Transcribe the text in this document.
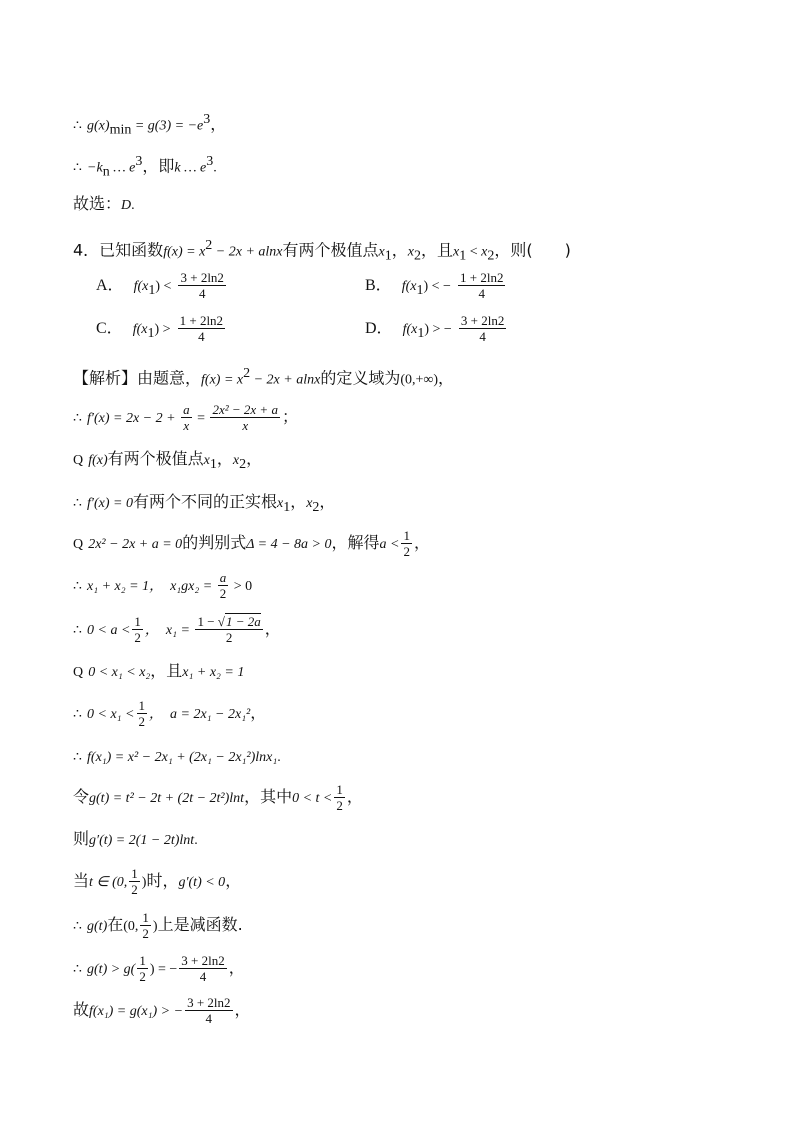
∴ $g(x)_{min} = g(3) = -e^3$，
∴ $-k_n$ … $e^3$，即k … $e^3$.
故选：D.
4．已知函数$f(x) = x^2 - 2x + alnx$有两个极值点$x_1$，$x_2$，且$x_1 < x_2$，则(　　)
A． $f(x_1) < \frac{3 + 2\ln 2}{4}$	B． $f(x_1)$ < − $\frac{1 + 2\ln 2}{4}$
C． $f(x_1) > \frac{1 + 2\ln 2}{4}$	D． $f(x_1)$ > − $\frac{3 + 2\ln 2}{4}$
【解析】由题意，$f(x) = x^2 - 2x + alnx$的定义域为(0,+∞)，
∴ $f'(x) = 2x - 2 + \frac{a}{x} = \frac{\text{2x² − 2x + a}}{x}$ ；
Q f(x)有两个极值点$x_1$，$x_2$，
∴ f′(x) = 0有两个不同的正实根$x_1$，$x_2$，
Q 2x² − 2x + a = 0的判别式Δ = 4 − 8a > 0，解得$a < \frac{1}{2}$ ，
∴ x₁ + x₂ = 1，　$x_1gx_2 = \frac{a}{2} > 0$
∴ $0 < a < \frac{1}{2}$ ，　$x_1 = \frac{1 - √1 - 2a}{2}$ ，
Q 0 < x₁ < x₂，且x₁ + x₂ = 1
∴ $0 < x_1 < \frac{1}{2}$ ，　a = 2x₁ − 2x₁²，
∴ f(x₁) = x² − 2x₁ + (2x₁ − 2x₁²)lnx₁.
令g(t) = t² − 2t + (2t − 2t²)lnt，其中$0 < t < \frac{1}{2}$ ，
则g′(t) = 2(1 − 2t)lnt.
当t ∈ (0, $\frac{1}{2}$ )时，g′(t) < 0，
∴ g(t)在(0, $\frac{1}{2}$ )上是减函数.
∴ $g(t) > g( \frac{1}{2}$ ) = − $\frac{3 + 2\ln 2}{4}$ ，
故f(x₁) = g(x₁) > − $\frac{3 + 2\ln 2}{4}$ ，
